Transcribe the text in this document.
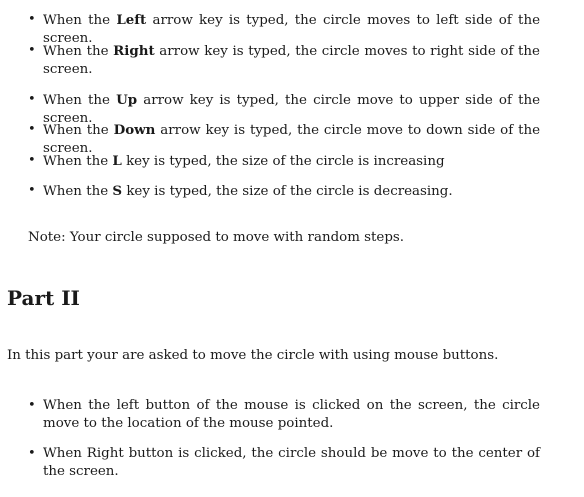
• When the Left arrow key is typed, the circle moves to left side of the screen.
• When the Right arrow key is typed, the circle moves to right side of the screen.
• When the Up arrow key is typed, the circle move to upper side of the screen.
• When the Down arrow key is typed, the circle move to down side of the screen.
• When the L key is typed, the size of the circle is increasing
• When the S key is typed, the size of the circle is decreasing.

Note: Your circle supposed to move with random steps.

Part II

In this part your are asked to move the circle with using mouse buttons.

• When the left button of the mouse is clicked on the screen, the circle move to the location of the mouse pointed.
• When Right button is clicked, the circle should be move to the center of the screen.
